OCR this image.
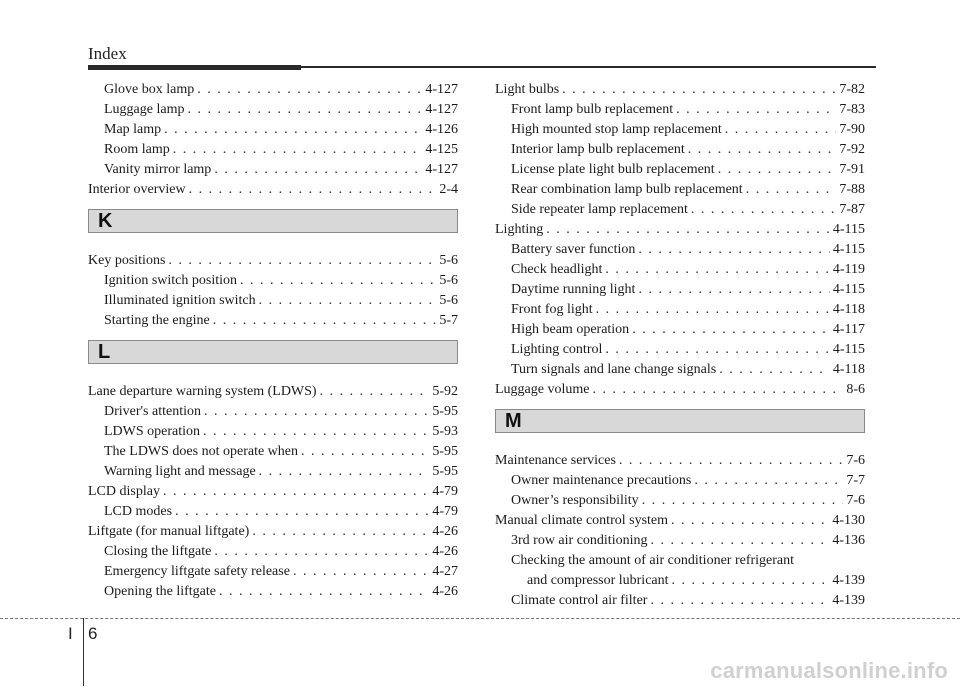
Index
Glove box lamp . . .	4-127
Luggage lamp . . .	4-127
Map lamp . . .	4-126
Room lamp . . .	4-125
Vanity mirror lamp . . .	4-127
Interior overview . . .	2-4
K
Key positions . . .	5-6
Ignition switch position . . .	5-6
Illuminated ignition switch . . .	5-6
Starting the engine . . .	5-7
L
Lane departure warning system (LDWS) . . .	5-92
Driver's attention . . .	5-95
LDWS operation . . .	5-93
The LDWS does not operate when . . .	5-95
Warning light and message . . .	5-95
LCD display . . .	4-79
LCD modes . . .	4-79
Liftgate (for manual liftgate) . . .	4-26
Closing the liftgate . . .	4-26
Emergency liftgate safety release . . .	4-27
Opening the liftgate . . .	4-26
Light bulbs . . .	7-82
Front lamp bulb replacement . . .	7-83
High mounted stop lamp replacement . . .	7-90
Interior lamp bulb replacement . . .	7-92
License plate light bulb replacement . . .	7-91
Rear combination lamp bulb replacement . . .	7-88
Side repeater lamp replacement . . .	7-87
Lighting . . .	4-115
Battery saver function . . .	4-115
Check headlight . . .	4-119
Daytime running light . . .	4-115
Front fog light . . .	4-118
High beam operation . . .	4-117
Lighting control . . .	4-115
Turn signals and lane change signals . . .	4-118
Luggage volume . . .	8-6
M
Maintenance services . . .	7-6
Owner maintenance precautions . . .	7-7
Owner’s responsibility . . .	7-6
Manual climate control system . . .	4-130
3rd row air conditioning . . .	4-136
Checking the amount of air conditioner refrigerant
and compressor lubricant . . .	4-139
Climate control air filter . . .	4-139
I 6
carmanualsonline.info
